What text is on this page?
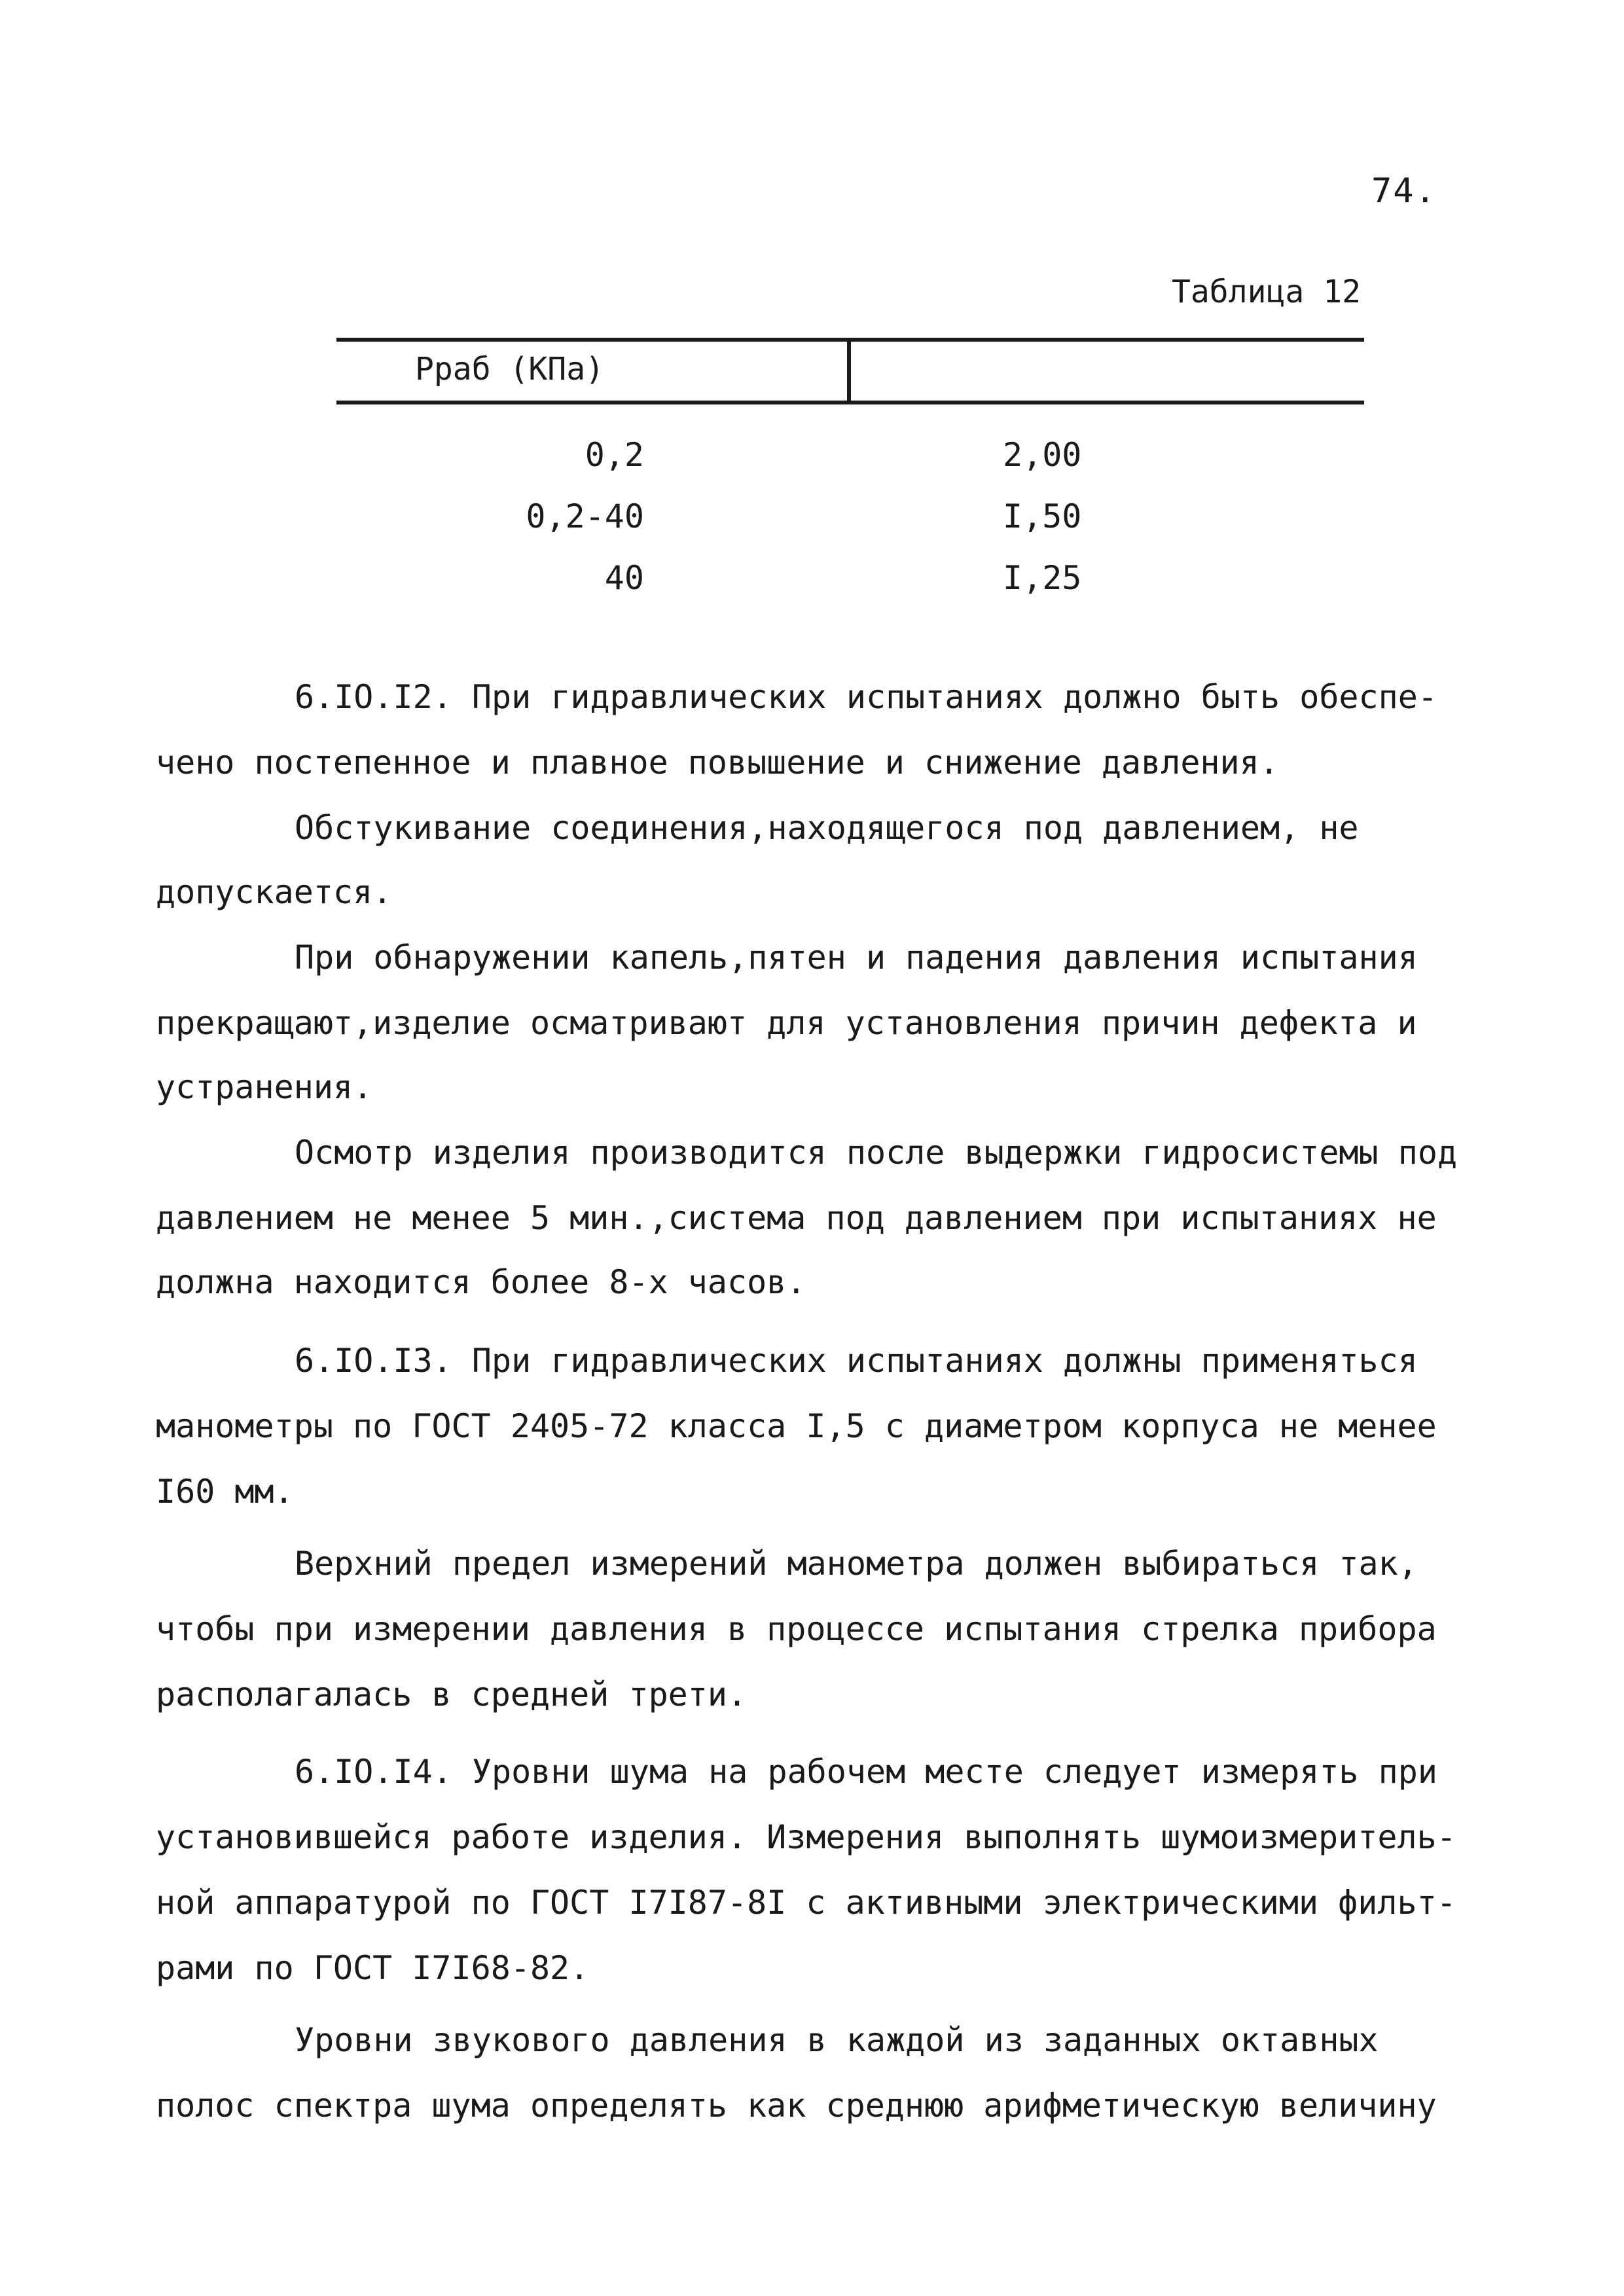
74.
Таблица 12
Pраб (КПа)
0,2	2,00
0,2-40	I,50
40	I,25
6.IO.I2. При гидравлических испытаниях должно быть обеспе-
чено постепенное и плавное повышение и снижение давления.
Обстукивание соединения,находящегося под давлением, не
допускается.
При обнаружении капель,пятен и падения давления испытания
прекращают,изделие осматривают для установления причин дефекта и
устранения.
Осмотр изделия производится после выдержки гидросистемы под
давлением не менее 5 мин.,система под давлением при испытаниях не
должна находится более 8-х часов.
6.IO.I3. При гидравлических испытаниях должны применяться
манометры по ГОСТ 2405-72 класса I,5 с диаметром корпуса не менее
I60 мм.
Верхний предел измерений манометра должен выбираться так,
чтобы при измерении давления в процессе испытания стрелка прибора
располагалась в средней трети.
6.IO.I4. Уровни шума на рабочем месте следует измерять при
установившейся работе изделия. Измерения выполнять шумоизмеритель-
ной аппаратурой по ГОСТ I7I87-8I с активными электрическими фильт-
рами по ГОСТ I7I68-82.
Уровни звукового давления в каждой из заданных октавных
полос спектра шума определять как среднюю арифметическую величину
